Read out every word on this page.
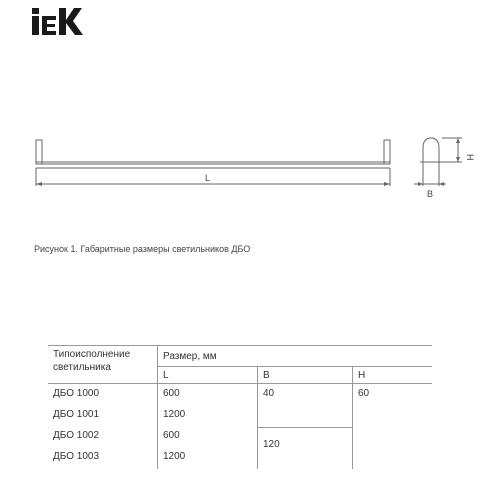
L
B
H
Рисунок 1. Габаритные размеры светильников ДБО
Типоисполнение светильника	Размер, мм		
	L	B	H
ДБО 1000	600	40	60
ДБО 1001	1200		
ДБО 1002	600	120	
ДБО 1003	1200		
